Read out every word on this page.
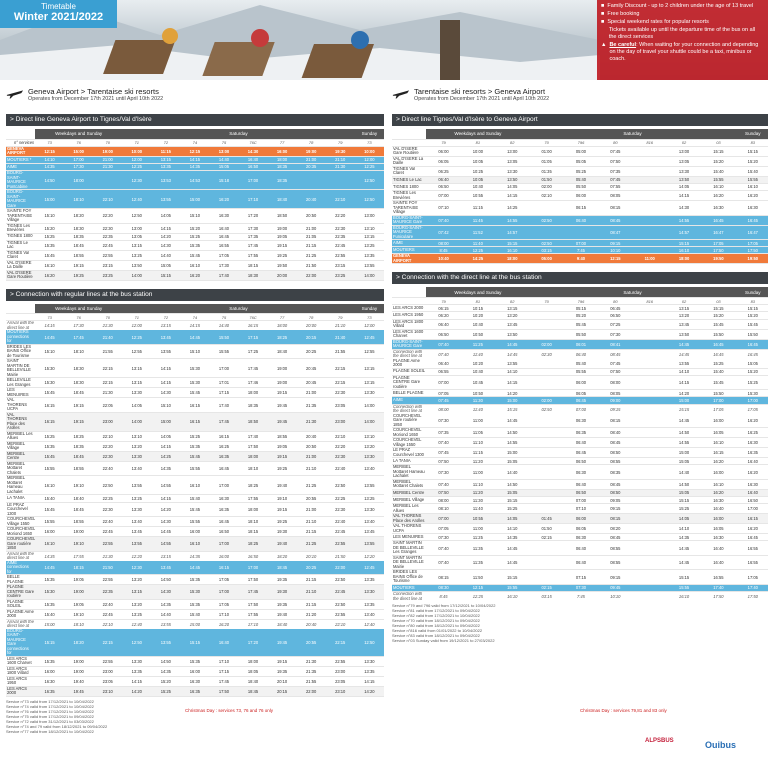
Timetable
Winter 2021/2022
■ Family Discount - up to 2 children under the age of 13 travel
■ Free booking
■ Special weekend rates for popular resorts
Tickets available up until the departure time of the bus on all the direct services
▲ Be careful: When waiting for your connection and depending on the day of travel your shuttle could be a taxi, minibus or coach.
Geneva Airport > Tarentaise ski resorts
Operates from December 17th 2021 until April 10th 2022
> Direct line Geneva Airport to Tignes/Val d'Isère
	Weekdays and Sunday			Saturday								Sunday
n° services	73	76	70	71	72	74	75	76C	77	78	79	73
GENEVA AIRPORT	12:15	15:00	19:00	10:00	11:15	12:15	13:00	14:30	16:00	19:00	19:30	10:00
MOUTIERS *	14:10	17:00	21:00	12:00	13:15	14:15	14:40	16:40	18:00	21:00	21:10	12:00
AIME	14:35	17:30	21:30	12:25	13:35	14:35	15:05	16:50	18:35	20:35	21:30	12:25
BOURG-SAINT-MAURICE Pontcabine	14:50	18:00		12:30	13:53	14:53	15:18	17:00	18:35			12:50
BOURG-SAINT-MAURICE Gare	15:00	18:10	22:10	12:40	13:55	15:00	16:20	17:10	18:40	20:40	22:10	12:50
SAINTE FOY TARENTAISE Village	15:10	18:20	22:20	12:50	14:05	15:10	16:30	17:20	18:50	20:50	22:20	13:00
TIGNES Les Brevières	15:20	18:30	22:30	13:00	14:15	15:20	16:40	17:30	19:00	21:00	22:30	13:10
TIGNES 1800	15:25	18:35	22:35	13:05	14:20	15:25	16:45	17:35	19:05	21:05	22:35	13:15
TIGNES Le Lac	15:35	18:45	22:45	13:15	14:30	15:35	16:55	17:45	19:15	21:15	22:45	13:25
TIGNES Val Claret	15:45	18:55	22:55	13:25	14:40	15:45	17:05	17:55	19:25	21:25	22:55	13:35
VAL D'ISERE La Daille	16:10	19:15	23:15	13:50	15:05	16:10	17:30	18:15	19:50	21:50	23:15	13:55
VAL D'ISERE Gare Routière	16:20	19:25	23:25	14:00	15:15	16:20	17:40	18:30	20:00	22:00	23:25	14:00
> Connection with regular lines at the bus station
	Weekdays and Sunday			Saturday								Sunday
	73	76	70	71	72	74	75	76C	77	78	79	73
Arrival with the direct line at	14:15	17:30	21:30	12:00	13:15	14:15	14:40	16:15	18:00	20:00	21:10	12:00
MOUTIERS connections for	14:45	17:45	21:40	12:25	13:45	14:45	15:50	17:15	18:25	20:15	21:40	12:45
BRIDES LES BAINS Office de Tourisme	15:10	18:10	21:55	12:55	13:55	15:10	15:55	17:25	18:40	20:25	21:55	12:55
SAINT MARTIN DE BELLEVILLE Mairie	15:30	18:30	22:15	13:15	14:15	15:30	17:00	17:45	19:00	20:45	22:15	13:15
BELLEVILLE Les Granges	15:30	18:30	22:15	13:15	14:15	15:30	17:01	17:46	19:00	20:45	22:15	13:15
LES MENUIRES	15:45	18:45	21:30	13:30	14:30	15:45	17:15	18:00	19:15	21:00	22:30	13:30
VAL THORENS UCPA	16:15	19:15	22:05	14:05	15:10	16:15	17:40	18:35	19:45	21:35	23:05	14:00
VAL THORENS Place des Arolles	16:15	19:15	23:00	14:00	15:00	16:15	17:45	18:50	19:45	21:30	23:00	14:00
MERIBEL Les Allues	15:25	18:25	22:10	13:10	14:05	15:25	16:15	17:40	18:55	20:40	22:10	13:10
MERIBEL Village	15:35	18:35	22:20	13:20	14:15	15:35	16:25	17:50	19:05	20:50	22:20	13:20
MERIBEL Centre	15:45	18:45	22:30	13:30	14:25	15:45	16:35	18:00	19:15	21:00	22:30	13:30
MERIBEL Mottaret Chalets	15:55	18:55	22:40	13:40	14:35	15:55	16:45	18:10	19:25	21:10	22:40	13:40
MERIBEL Mottaret Hameau Lachalet	16:10	19:10	22:50	13:55	14:55	16:10	17:00	18:25	19:40	21:25	22:50	13:55
LA TANIA	15:40	18:40	22:25	13:25	14:15	15:40	16:30	17:55	19:10	20:55	22:25	13:25
LE PRAZ Courchevel 1300	15:45	18:45	22:30	13:30	14:20	15:45	16:35	18:00	19:15	21:00	22:30	13:30
COURCHEVEL Village 1550	15:55	18:55	22:40	13:40	14:30	15:55	16:45	18:10	19:25	21:10	22:40	13:40
COURCHEVEL Moriond 1650	16:00	19:00	22:45	13:45	14:45	16:00	16:50	18:15	19:30	21:15	22:45	13:45
COURCHEVEL Gare routière 1850	16:10	19:10	22:55	13:55	14:55	16:10	17:00	18:25	19:40	21:25	22:55	13:55
Arrival with the direct line at	14:35	17:55	21:30	12:20	13:15	14:35	16:00	16:50	18:20	20:10	21:50	12:20
AIME connections for	14:45	18:15	21:50	12:30	13:45	14:45	16:15	17:00	18:45	20:25	22:00	12:45
BELLE PLAGNE	15:35	19:05	22:55	13:20	14:50	15:35	17:05	17:50	19:35	21:15	22:50	13:35
PLAGNE CENTRE Gare routière	15:30	19:00	22:35	13:15	14:30	15:30	17:00	17:45	19:30	21:10	22:45	13:30
PLAGNE SOLEIL	15:35	19:05	22:40	13:20	14:35	15:35	17:05	17:50	19:35	21:15	22:50	13:35
PLAGNE Aime 2000	15:40	19:10	22:45	13:25	14:40	15:40	17:10	17:55	19:40	21:20	22:55	13:40
Arrival with the direct line at	15:00	18:10	22:10	12:40	13:55	15:00	16:20	17:10	18:40	20:40	22:10	12:40
BOURG-SAINT-MAURICE Gare connections for	15:15	18:20	22:15	12:50	13:55	15:15	16:40	17:20	19:45	20:55	22:15	12:50
LES ARCS 1600 Charvet	15:35	19:00	22:55	13:30	14:50	15:35	17:10	18:00	19:15	21:30	22:55	13:30
LES ARCS 1800 Villard	16:00	19:00	23:00	13:35	14:35	16:00	17:15	18:05	19:35	21:35	23:00	13:35
LES ARCS 1950	16:30	19:40	23:05	14:15	15:20	16:30	17:45	18:40	20:10	21:55	23:05	14:15
LES ARCS 2000	16:35	19:45	23:10	14:20	15:25	16:35	17:50	18:45	20:15	22:00	23:10	14:20
Service n°73 valid from 17/12/2021 to 10/04/2022
Service n°74 valid from 17/12/2021 to 10/04/2022
Service n°76 valid from 17/12/2021 to 10/04/2022
Service n°75 valid from 17/12/2021 to 09/04/2022
Service n°72 valid from 31/12/2021 to 03/03/2022
Service n°74 and 79 valid from 18/12/2021 to 09/04/2022
Service n°77 valid from 18/12/2021 to 10/04/2022
Tarentaise ski resorts > Geneva Airport
Operates from December 17th 2021 until April 10th 2022
> Direct line Tignes/Val d'Isère to Geneva Airport
	Weekdays and Sunday			Saturday						Sunday
	79	81	82	70	796	80	816	02	03	83
VAL D'ISERE Gare Routière	06:00	10:00	13:00	01:00	05:00	07:45		13:00	15:15	15:15
VAL D'ISERE La Daille	06:05	10:05	13:05	01:05	05:05	07:50		13:05	15:20	15:20
TIGNES Val Claret	06:25	10:25	13:30	01:35	05:25	07:35		13:30	15:40	15:40
TIGNES Le Lac	06:40	10:05	13:50	01:50	05:40	07:45		13:50	15:55	15:55
TIGNES 1800	06:50	10:40	14:05	02:00	05:50	07:55		14:05	16:10	16:10
TIGNES Les Brevières	07:00	10:55	14:15	02:10	06:00	08:05		14:15	16:20	16:20
SAINTE FOY TARENTAISE Village	07:10	11:15	14:25		06:15	08:15		14:30	16:30	16:30
BOURG-SAINT-MAURICE Gare	07:40	11:45	14:55	02:50	06:40	08:45		14:55	16:45	16:45
BOURG-SAINT-MAURICE Funiculaire	07:42	11:52	14:57			08:47		14:57	16:47	16:47
AIME	08:00	11:40	15:15	02:50	07:00	09:15		15:15	17:05	17:05
MOUTIERS	8:45	12:25	16:10	03:15	7:45	10:10		16:10	17:50	17:50
GENEVA AIRPORT	10:40	14:25	18:00	05:00	9:40	12:15	11:00	18:00	19:50	19:50
> Connection with the direct line at the bus station
	Weekdays and Sunday			Saturday						Sunday
	79	81	82	70	796	80	816	02	03	83
LES ARCS 2000	06:15	10:15	13:15		05:15	06:45		13:15	15:15	15:15
LES ARCS 1950	06:20	10:20	13:20		05:20	06:50		13:20	15:20	15:20
LES ARCS 1800 Villard	06:40	10:40	13:45		05:45	07:25		13:45	15:45	15:45
LES ARCS 1600 Charvet	06:50	10:50	13:50		05:50	07:30		13:50	15:50	15:50
BOURG-SAINT-MAURICE Gare	07:40	11:25	14:45	02:00	06:01	08:41		14:45	16:45	16:45
Connection with the direct line at	07:40	11:40	14:45	02:30	06:40	08:45		14:45	16:45	16:45
PLAGNE Aime 2000	06:40	10:20	13:55		05:40	07:45		13:55	15:25	15:05
PLAGNE SOLEIL	06:55	10:40	14:10		05:55	07:50		14:10	15:40	15:20
PLAGNE CENTRE Gare routière	07:00	10:45	14:15		06:00	08:00		14:15	15:45	15:25
BELLE PLAGNE	07:05	10:50	14:20		06:05	08:05		14:20	15:50	15:30
AIME	07:45	11:30	15:00	02:00	06:45	09:00		15:00	17:00	17:00
Connection with the direct line at	08:00	11:40	15:15	02:50	07:00	09:15		15:15	17:05	17:05
COURCHEVEL Gare routière 1850	07:30	11:00	14:45		06:30	08:15		14:45	16:00	16:20
COURCHEVEL Moriond 1650	07:35	11:05	14:50		06:35	08:40		14:50	16:05	16:25
COURCHEVEL Village 1550	07:40	11:10	14:55		06:40	08:45		14:55	16:10	16:30
LE PRAZ Courchevel 1300	07:45	11:15	15:00		06:45	08:50		15:00	16:15	16:35
LA TANIA	07:50	11:20	15:05		06:50	08:55		15:05	16:20	16:40
MERIBEL Mottaret Hameau Lachalet	07:30	11:00	14:40		06:30	08:35		14:40	16:00	16:20
MERIBEL Mottaret Chalets	07:40	11:10	14:50		06:40	08:45		14:50	16:10	16:30
MERIBEL Centre	07:50	11:20	15:05		06:50	08:50		15:05	16:20	16:40
MERIBEL Village	08:00	11:30	15:15		07:00	09:05		15:15	16:30	16:50
MERIBEL Les Allues	08:10	11:40	15:25		07:10	09:15		15:25	16:40	17:00
VAL THORENS Place des Arolles	07:00	10:55	14:05	01:45	06:00	08:15		14:05	16:00	16:15
VAL THORENS UCPA	07:05	11:00	14:10	01:50	06:05	08:20		14:10	16:05	16:20
LES MENUIRES	07:30	11:25	14:35	02:15	06:30	08:45		14:35	16:30	16:45
SAINT MARTIN DE BELLEVILLE Les Granges	07:40	11:35	14:45		06:40	08:55		14:45	16:40	16:55
SAINT MARTIN DE BELLEVILLE Mairie	07:40	11:35	14:45		06:40	08:55		14:45	16:40	16:55
BRIDES LES BAINS Office de Tourisme	08:15	11:50	15:15		07:15	09:15		15:15	16:55	17:05
MOUTIERS	08:30	12:15	15:55	02:15	07:30	09:45		15:55	17:40	17:40
Connection with the direct line at	8:45	12:25	16:10	03:15	7:45	10:10		16:10	17:50	17:50
Service n°79 and 796 valid from 17/12/2021 to 10/04/2022
Service n°81 valid from 17/12/2021 to 09/04/2022
Service n°82 valid from 17/12/2021 to 10/04/2022
Service n°70 valid from 18/12/2021 to 09/04/2022
Service n°80 valid from 18/12/2021 to 09/04/2022
Service n°816 valid from 01/01/2022 to 10/04/2022
Service n°83 valid from 18/12/2021 to 09/04/2022
Service n°03 Sunday valid from 19/12/2021 to 27/03/2022
Christmas Day : services 73, 76 and 76 only	Christmas Day : services 79,81 and 83 only
ALPSBUS	Ouibus
